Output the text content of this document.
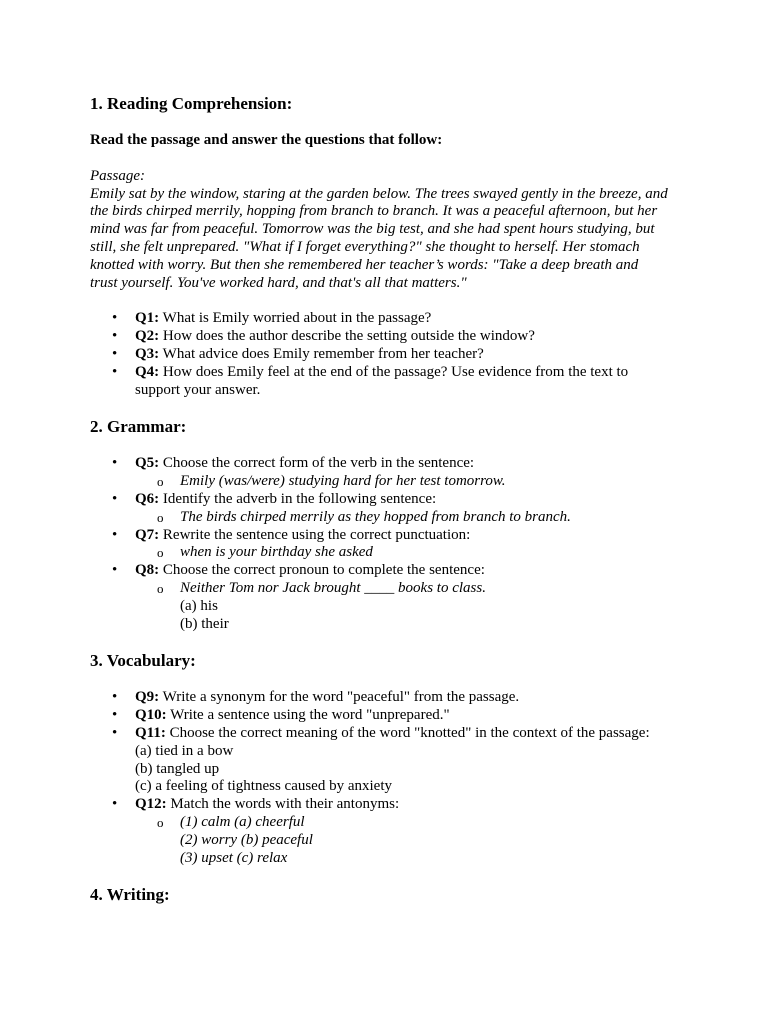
1. Reading Comprehension:

Read the passage and answer the questions that follow:

Passage:

Emily sat by the window, staring at the garden below. The trees swayed gently in the breeze, and
the birds chirped merrily, hopping from branch to branch. It was a peaceful afternoon, but her
mind was far from peaceful. Tomorrow was the big test, and she had spent hours studying, but
still, she felt unprepared. "What if I forget everything?" she thought to herself. Her stomach
knotted with worry. But then she remembered her teacher’s words: "Take a deep breath and
trust yourself. You've worked hard, and that's all that matters."
• Q1: What is Emily worried about in the passage?
• Q2: How does the author describe the setting outside the window?
• Q3: What advice does Emily remember from her teacher?
• Q4: How does Emily feel at the end of the passage? Use evidence from the text to
support your answer.
2. Grammar:
• Q5: Choose the correct form of the verb in the sentence:
o Emily (was/were) studying hard for her test tomorrow.
• Q6: Identify the adverb in the following sentence:
o The birds chirped merrily as they hopped from branch to branch.
• Q7: Rewrite the sentence using the correct punctuation:
o when is your birthday she asked
• Q8: Choose the correct pronoun to complete the sentence:
o Neither Tom nor Jack brought ____ books to class.
(a) his
(b) their
3. Vocabulary:
• Q9: Write a synonym for the word "peaceful" from the passage.
• Q10: Write a sentence using the word "unprepared."
• Q11: Choose the correct meaning of the word "knotted" in the context of the passage:
(a) tied in a bow
(b) tangled up
(c) a feeling of tightness caused by anxiety
• Q12: Match the words with their antonyms:
o	(1) calm (a) cheerful
(2) worry (b) peaceful
(3) upset (c) relax
4. Writing:
